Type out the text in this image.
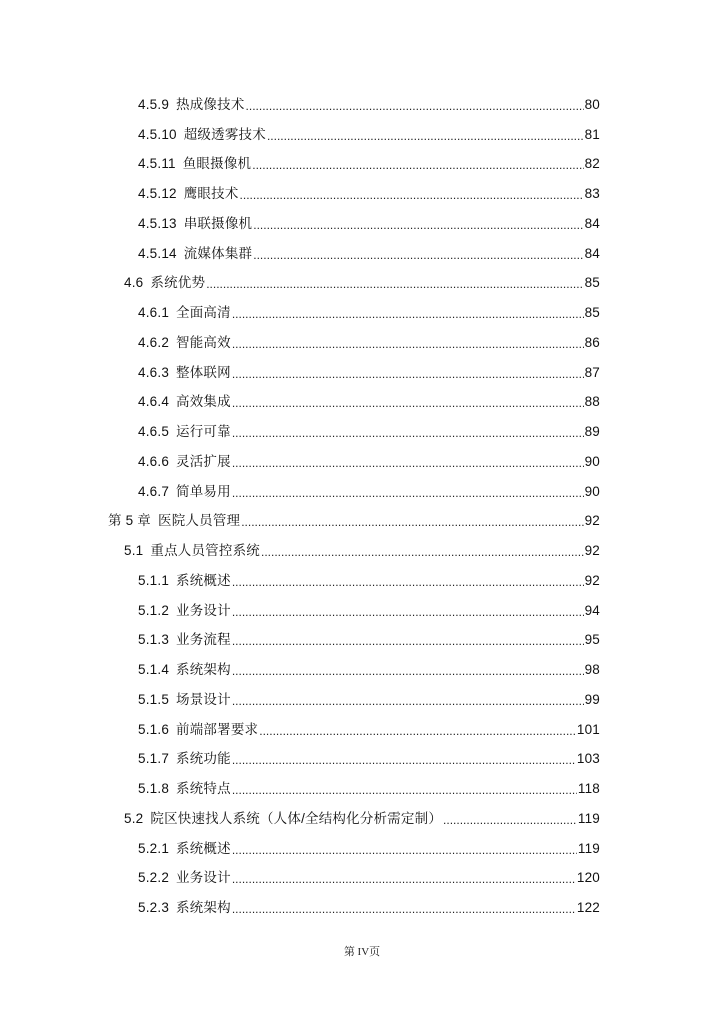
4.5.9 热成像技术 .....	80
4.5.10 超级透雾技术 .....	81
4.5.11 鱼眼摄像机 .....	82
4.5.12 鹰眼技术 .....	83
4.5.13 串联摄像机 .....	84
4.5.14 流媒体集群 .....	84
4.6 系统优势 .....	85
4.6.1 全面高清 .....	85
4.6.2 智能高效 .....	86
4.6.3 整体联网 .....	87
4.6.4 高效集成 .....	88
4.6.5 运行可靠 .....	89
4.6.6 灵活扩展 .....	90
4.6.7 简单易用 .....	90
第 5 章 医院人员管理 .....	92
5.1 重点人员管控系统 .....	92
5.1.1 系统概述 .....	92
5.1.2 业务设计 .....	94
5.1.3 业务流程 .....	95
5.1.4 系统架构 .....	98
5.1.5 场景设计 .....	99
5.1.6 前端部署要求 .....	101
5.1.7 系统功能 .....	103
5.1.8 系统特点 .....	118
5.2 院区快速找人系统（人体/全结构化分析需定制） .....	119
5.2.1 系统概述 .....	119
5.2.2 业务设计 .....	120
5.2.3 系统架构 .....	122
第 IV页
